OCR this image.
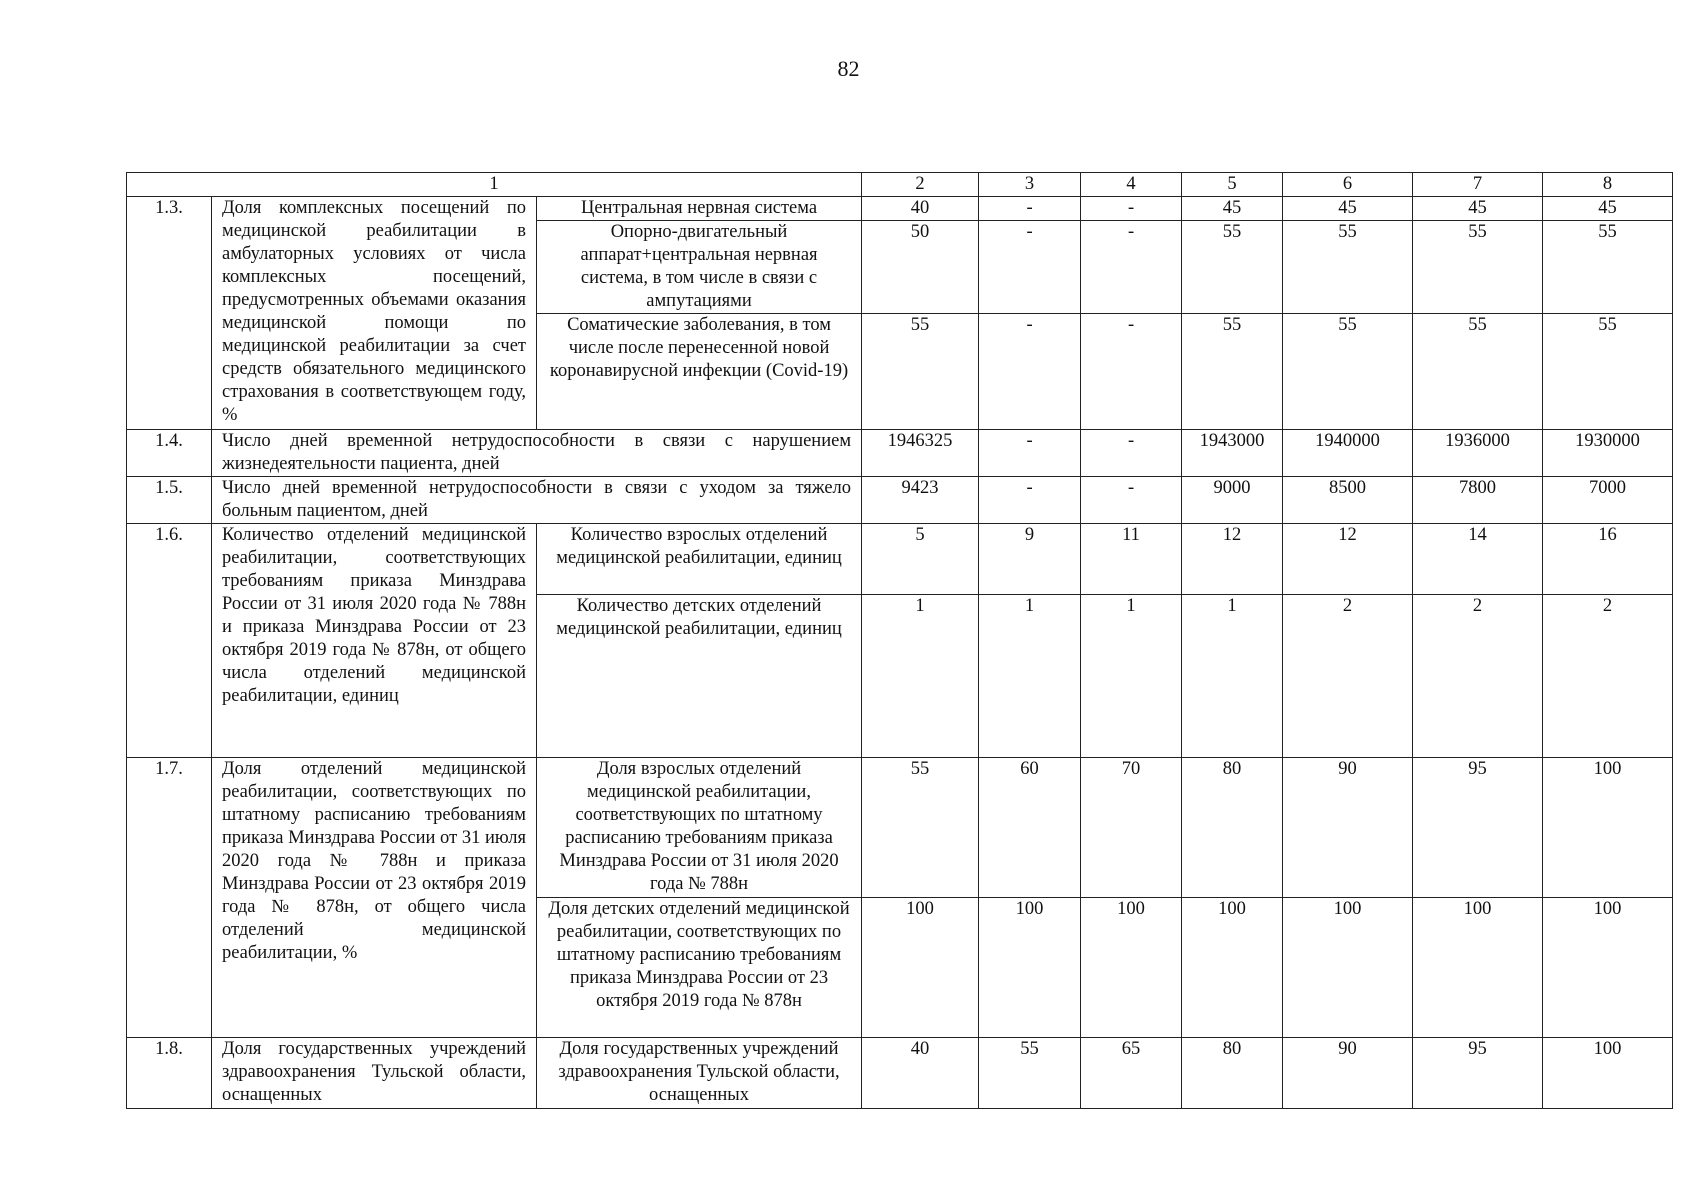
82
1			2	3	4	5	6	7	8
1.3.	Доля комплексных посещений по медицинской реабилитации в амбулаторных условиях от числа комплексных посещений, предусмотренных объемами оказания медицинской помощи по медицинской реабилитации за счет средств обязательного медицинского страхования в соответствующем году, %	Центральная нервная система	40	-	-	45	45	45	45
		Опорно-двигательный аппарат+центральная нервная система, в том числе в связи с ампутациями	50	-	-	55	55	55	55
		Соматические заболевания, в том числе после перенесенной новой коронавирусной инфекции (Covid-19)	55	-	-	55	55	55	55
1.4.	Число дней временной нетрудоспособности в связи с нарушением жизнедеятельности пациента, дней		1946325	-	-	1943000	1940000	1936000	1930000
1.5.	Число дней временной нетрудоспособности в связи с уходом за тяжело больным пациентом, дней		9423	-	-	9000	8500	7800	7000
1.6.	Количество отделений медицинской реабилитации, соответствующих требованиям приказа Минздрава России от 31 июля 2020 года № 788н и приказа Минздрава России от 23 октября 2019 года № 878н, от общего числа отделений медицинской реабилитации, единиц	Количество взрослых отделений медицинской реабилитации, единиц	5	9	11	12	12	14	16
		Количество детских отделений медицинской реабилитации, единиц	1	1	1	1	2	2	2
1.7.	Доля отделений медицинской реабилитации, соответствующих по штатному расписанию требованиям приказа Минздрава России от 31 июля 2020 года № 788н и приказа Минздрава России от 23 октября 2019 года № 878н, от общего числа отделений медицинской реабилитации, %	Доля взрослых отделений медицинской реабилитации, соответствующих по штатному расписанию требованиям приказа Минздрава России от 31 июля 2020 года № 788н	55	60	70	80	90	95	100
		Доля детских отделений медицинской реабилитации, соответствующих по штатному расписанию требованиям приказа Минздрава России от 23 октября 2019 года № 878н	100	100	100	100	100	100	100
1.8.	Доля государственных учреждений здравоохранения Тульской области, оснащенных	Доля государственных учреждений здравоохранения Тульской области, оснащенных	40	55	65	80	90	95	100
